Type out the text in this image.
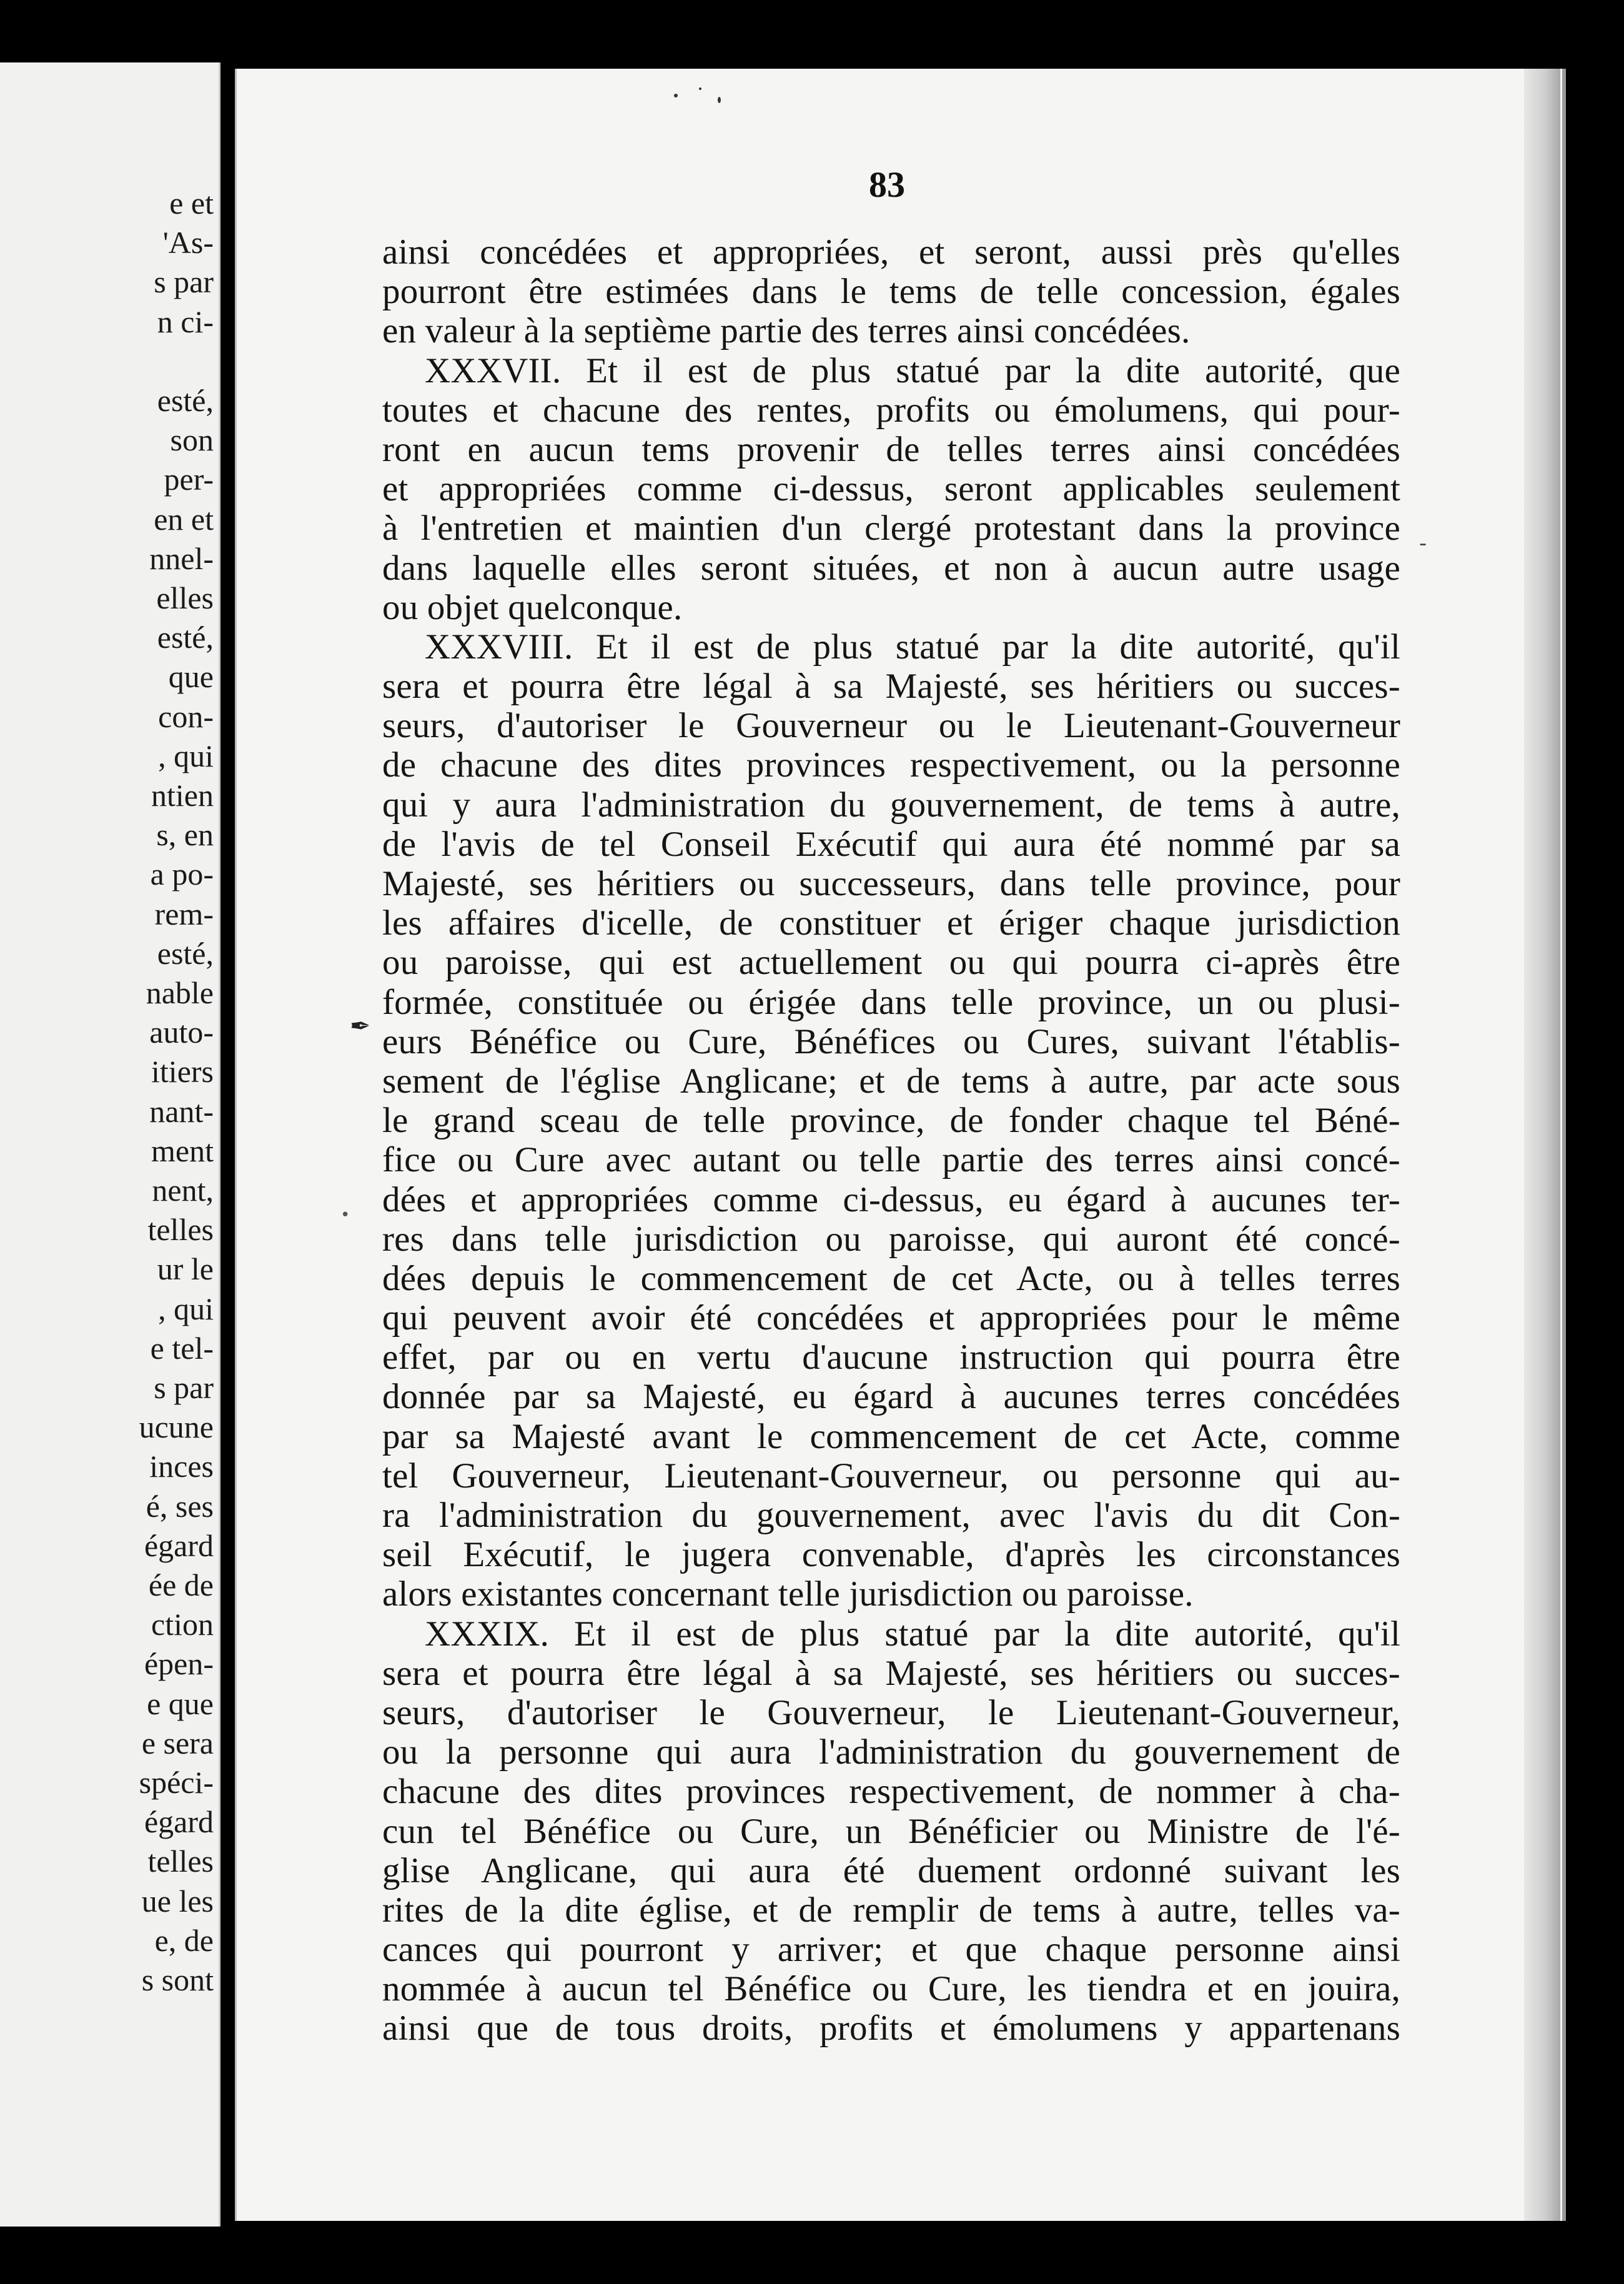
e et
'As-
s par
n ci-
esté,
son
per-
en et
nnel-
elles
esté,
que
con-
, qui
ntien
s, en
a po-
rem-
esté,
nable
auto-
itiers
nant-
ment
nent,
telles
ur le
, qui
e tel-
s par
ucune
inces
é, ses
égard
ée de
ction
épen-
e que
e sera
spéci-
égard
telles
ue les
e, de
s sont
83
ainsi concédées et appropriées, et seront, aussi près qu'elles
pourront être estimées dans le tems de telle concession, égales
en valeur à la septième partie des terres ainsi concédées.
XXXVII. Et il est de plus statué par la dite autorité, que
toutes et chacune des rentes, profits ou émolumens, qui pour-
ront en aucun tems provenir de telles terres ainsi concédées
et appropriées comme ci-dessus, seront applicables seulement
à l'entretien et maintien d'un clergé protestant dans la province
dans laquelle elles seront situées, et non à aucun autre usage
ou objet quelconque.
XXXVIII. Et il est de plus statué par la dite autorité, qu'il
sera et pourra être légal à sa Majesté, ses héritiers ou succes-
seurs, d'autoriser le Gouverneur ou le Lieutenant-Gouverneur
de chacune des dites provinces respectivement, ou la personne
qui y aura l'administration du gouvernement, de tems à autre,
de l'avis de tel Conseil Exécutif qui aura été nommé par sa
Majesté, ses héritiers ou successeurs, dans telle province, pour
les affaires d'icelle, de constituer et ériger chaque jurisdiction
ou paroisse, qui est actuellement ou qui pourra ci-après être
formée, constituée ou érigée dans telle province, un ou plusi-
eurs Bénéfice ou Cure, Bénéfices ou Cures, suivant l'établis-
sement de l'église Anglicane; et de tems à autre, par acte sous
le grand sceau de telle province, de fonder chaque tel Béné-
fice ou Cure avec autant ou telle partie des terres ainsi concé-
dées et appropriées comme ci-dessus, eu égard à aucunes ter-
res dans telle jurisdiction ou paroisse, qui auront été concé-
dées depuis le commencement de cet Acte, ou à telles terres
qui peuvent avoir été concédées et appropriées pour le même
effet, par ou en vertu d'aucune instruction qui pourra être
donnée par sa Majesté, eu égard à aucunes terres concédées
par sa Majesté avant le commencement de cet Acte, comme
tel Gouverneur, Lieutenant-Gouverneur, ou personne qui au-
ra l'administration du gouvernement, avec l'avis du dit Con-
seil Exécutif, le jugera convenable, d'après les circonstances
alors existantes concernant telle jurisdiction ou paroisse.
XXXIX. Et il est de plus statué par la dite autorité, qu'il
sera et pourra être légal à sa Majesté, ses héritiers ou succes-
seurs, d'autoriser le Gouverneur, le Lieutenant-Gouverneur,
ou la personne qui aura l'administration du gouvernement de
chacune des dites provinces respectivement, de nommer à cha-
cun tel Bénéfice ou Cure, un Bénéficier ou Ministre de l'é-
glise Anglicane, qui aura été duement ordonné suivant les
rites de la dite église, et de remplir de tems à autre, telles va-
cances qui pourront y arriver; et que chaque personne ainsi
nommée à aucun tel Bénéfice ou Cure, les tiendra et en jouira,
ainsi que de tous droits, profits et émolumens y appartenans
✒
•
-
